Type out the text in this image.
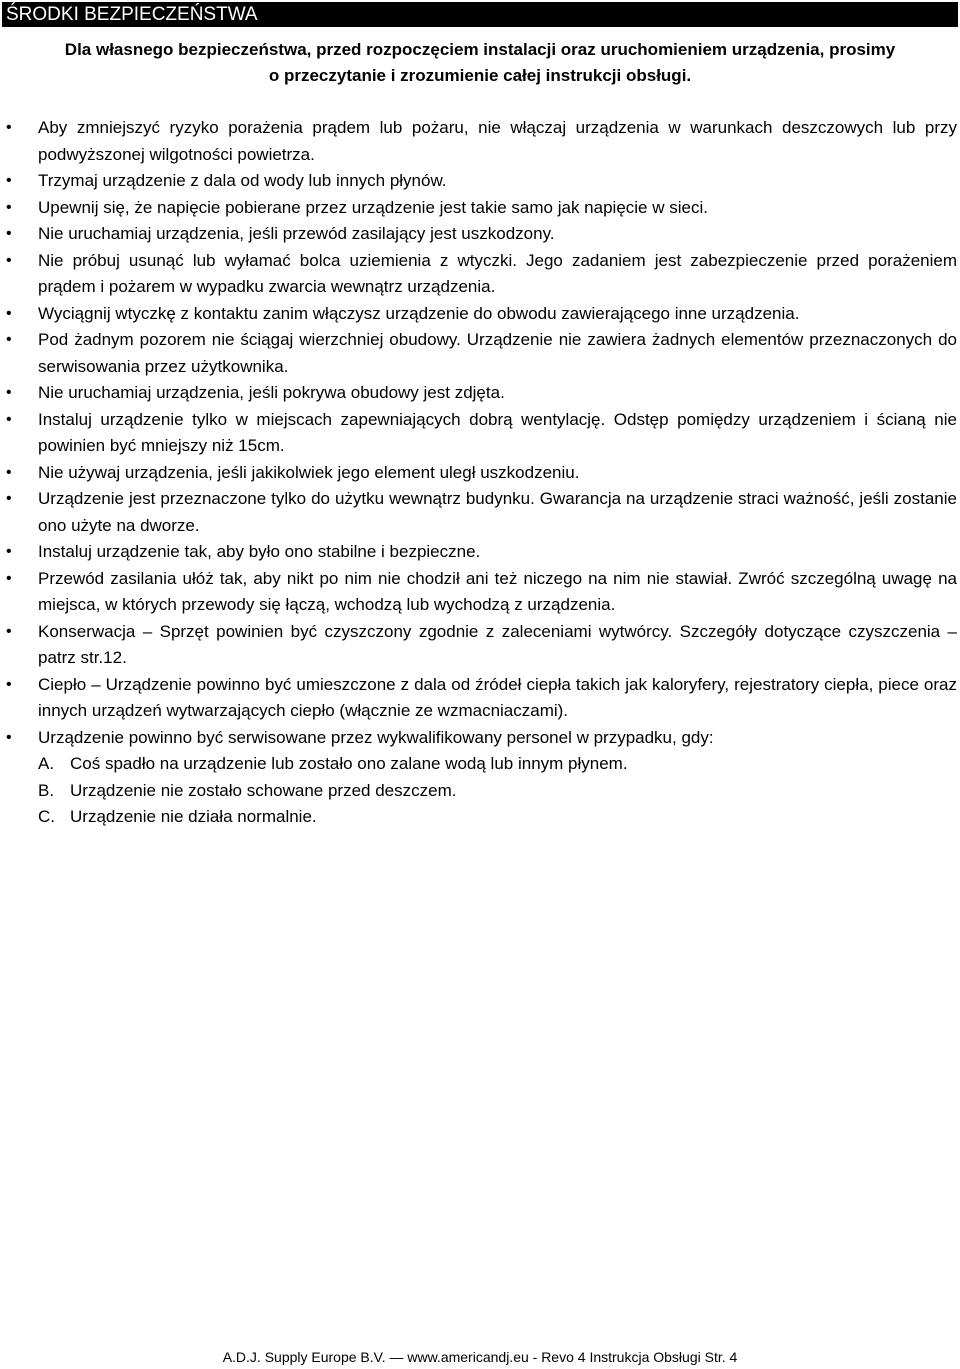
ŚRODKI BEZPIECZEŃSTWA
Dla własnego bezpieczeństwa, przed rozpoczęciem instalacji oraz uruchomieniem urządzenia, prosimy
o przeczytanie i zrozumienie całej instrukcji obsługi.
• Aby zmniejszyć ryzyko porażenia prądem lub pożaru, nie włączaj urządzenia w warunkach deszczowych lub przy podwyższonej wilgotności powietrza.
• Trzymaj urządzenie z dala od wody lub innych płynów.
• Upewnij się, że napięcie pobierane przez urządzenie jest takie samo jak napięcie w sieci.
• Nie uruchamiaj urządzenia, jeśli przewód zasilający jest uszkodzony.
• Nie próbuj usunąć lub wyłamać bolca uziemienia z wtyczki. Jego zadaniem jest zabezpieczenie przed porażeniem prądem i pożarem w wypadku zwarcia wewnątrz urządzenia.
• Wyciągnij wtyczkę z kontaktu zanim włączysz urządzenie do obwodu zawierającego inne urządzenia.
• Pod żadnym pozorem nie ściągaj wierzchniej obudowy. Urządzenie nie zawiera żadnych elementów przeznaczonych do serwisowania przez użytkownika.
• Nie uruchamiaj urządzenia, jeśli pokrywa obudowy jest zdjęta.
• Instaluj urządzenie tylko w miejscach zapewniających dobrą wentylację. Odstęp pomiędzy urządzeniem i ścianą nie powinien być mniejszy niż 15cm.
• Nie używaj urządzenia, jeśli jakikolwiek jego element uległ uszkodzeniu.
• Urządzenie jest przeznaczone tylko do użytku wewnątrz budynku. Gwarancja na urządzenie straci ważność, jeśli zostanie ono użyte na dworze.
• Instaluj urządzenie tak, aby było ono stabilne i bezpieczne.
• Przewód zasilania ułóż tak, aby nikt po nim nie chodził ani też niczego na nim nie stawiał. Zwróć szczególną uwagę na miejsca, w których przewody się łączą, wchodzą lub wychodzą z urządzenia.
• Konserwacja – Sprzęt powinien być czyszczony zgodnie z zaleceniami wytwórcy. Szczegóły dotyczące czyszczenia – patrz str.12.
• Ciepło – Urządzenie powinno być umieszczone z dala od źródeł ciepła takich jak kaloryfery, rejestratory ciepła, piece oraz innych urządzeń wytwarzających ciepło (włącznie ze wzmacniaczami).
• Urządzenie powinno być serwisowane przez wykwalifikowany personel w przypadku, gdy:
A. Coś spadło na urządzenie lub zostało ono zalane wodą lub innym płynem.
B. Urządzenie nie zostało schowane przed deszczem.
C. Urządzenie nie działa normalnie.
A.D.J. Supply Europe B.V. — www.americandj.eu - Revo 4 Instrukcja Obsługi Str. 4
